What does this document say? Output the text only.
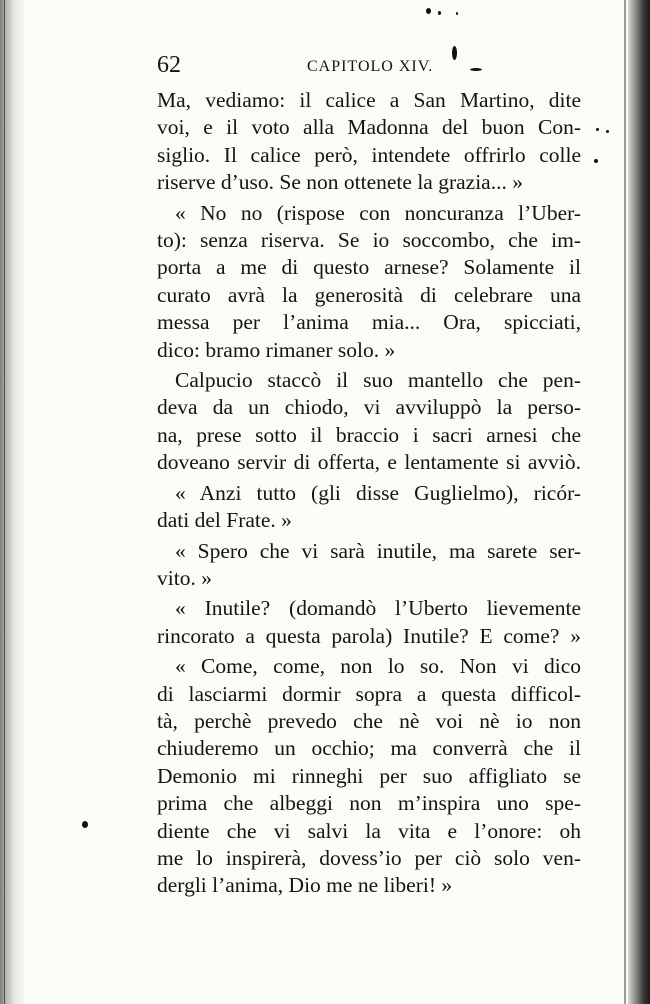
62	CAPITOLO XIV.
Ma, vediamo: il calice a San Martino, dite
voi, e il voto alla Madonna del buon Con-
siglio. Il calice però, intendete offrirlo colle
riserve d’uso. Se non ottenete la grazia... »
« No no (rispose con noncuranza l’Uber-
to): senza riserva. Se io soccombo, che im-
porta a me di questo arnese? Solamente il
curato avrà la generosità di celebrare una
messa per l’anima mia... Ora, spicciati,
dico: bramo rimaner solo. »
Calpucio staccò il suo mantello che pen-
deva da un chiodo, vi avviluppò la perso-
na, prese sotto il braccio i sacri arnesi che
doveano servir di offerta, e lentamente si avviò.
« Anzi tutto (gli disse Guglielmo), ricór-
dati del Frate. »
« Spero che vi sarà inutile, ma sarete ser-
vito. »
« Inutile? (domandò l’Uberto lievemente
rincorato a questa parola) Inutile? E come? »
« Come, come, non lo so. Non vi dico
di lasciarmi dormir sopra a questa difficol-
tà, perchè prevedo che nè voi nè io non
chiuderemo un occhio; ma converrà che il
Demonio mi rinneghi per suo affigliato se
prima che albeggi non m’inspira uno spe-
diente che vi salvi la vita e l’onore: oh
me lo inspirerà, dovess’io per ciò solo ven-
dergli l’anima, Dio me ne liberi! »
